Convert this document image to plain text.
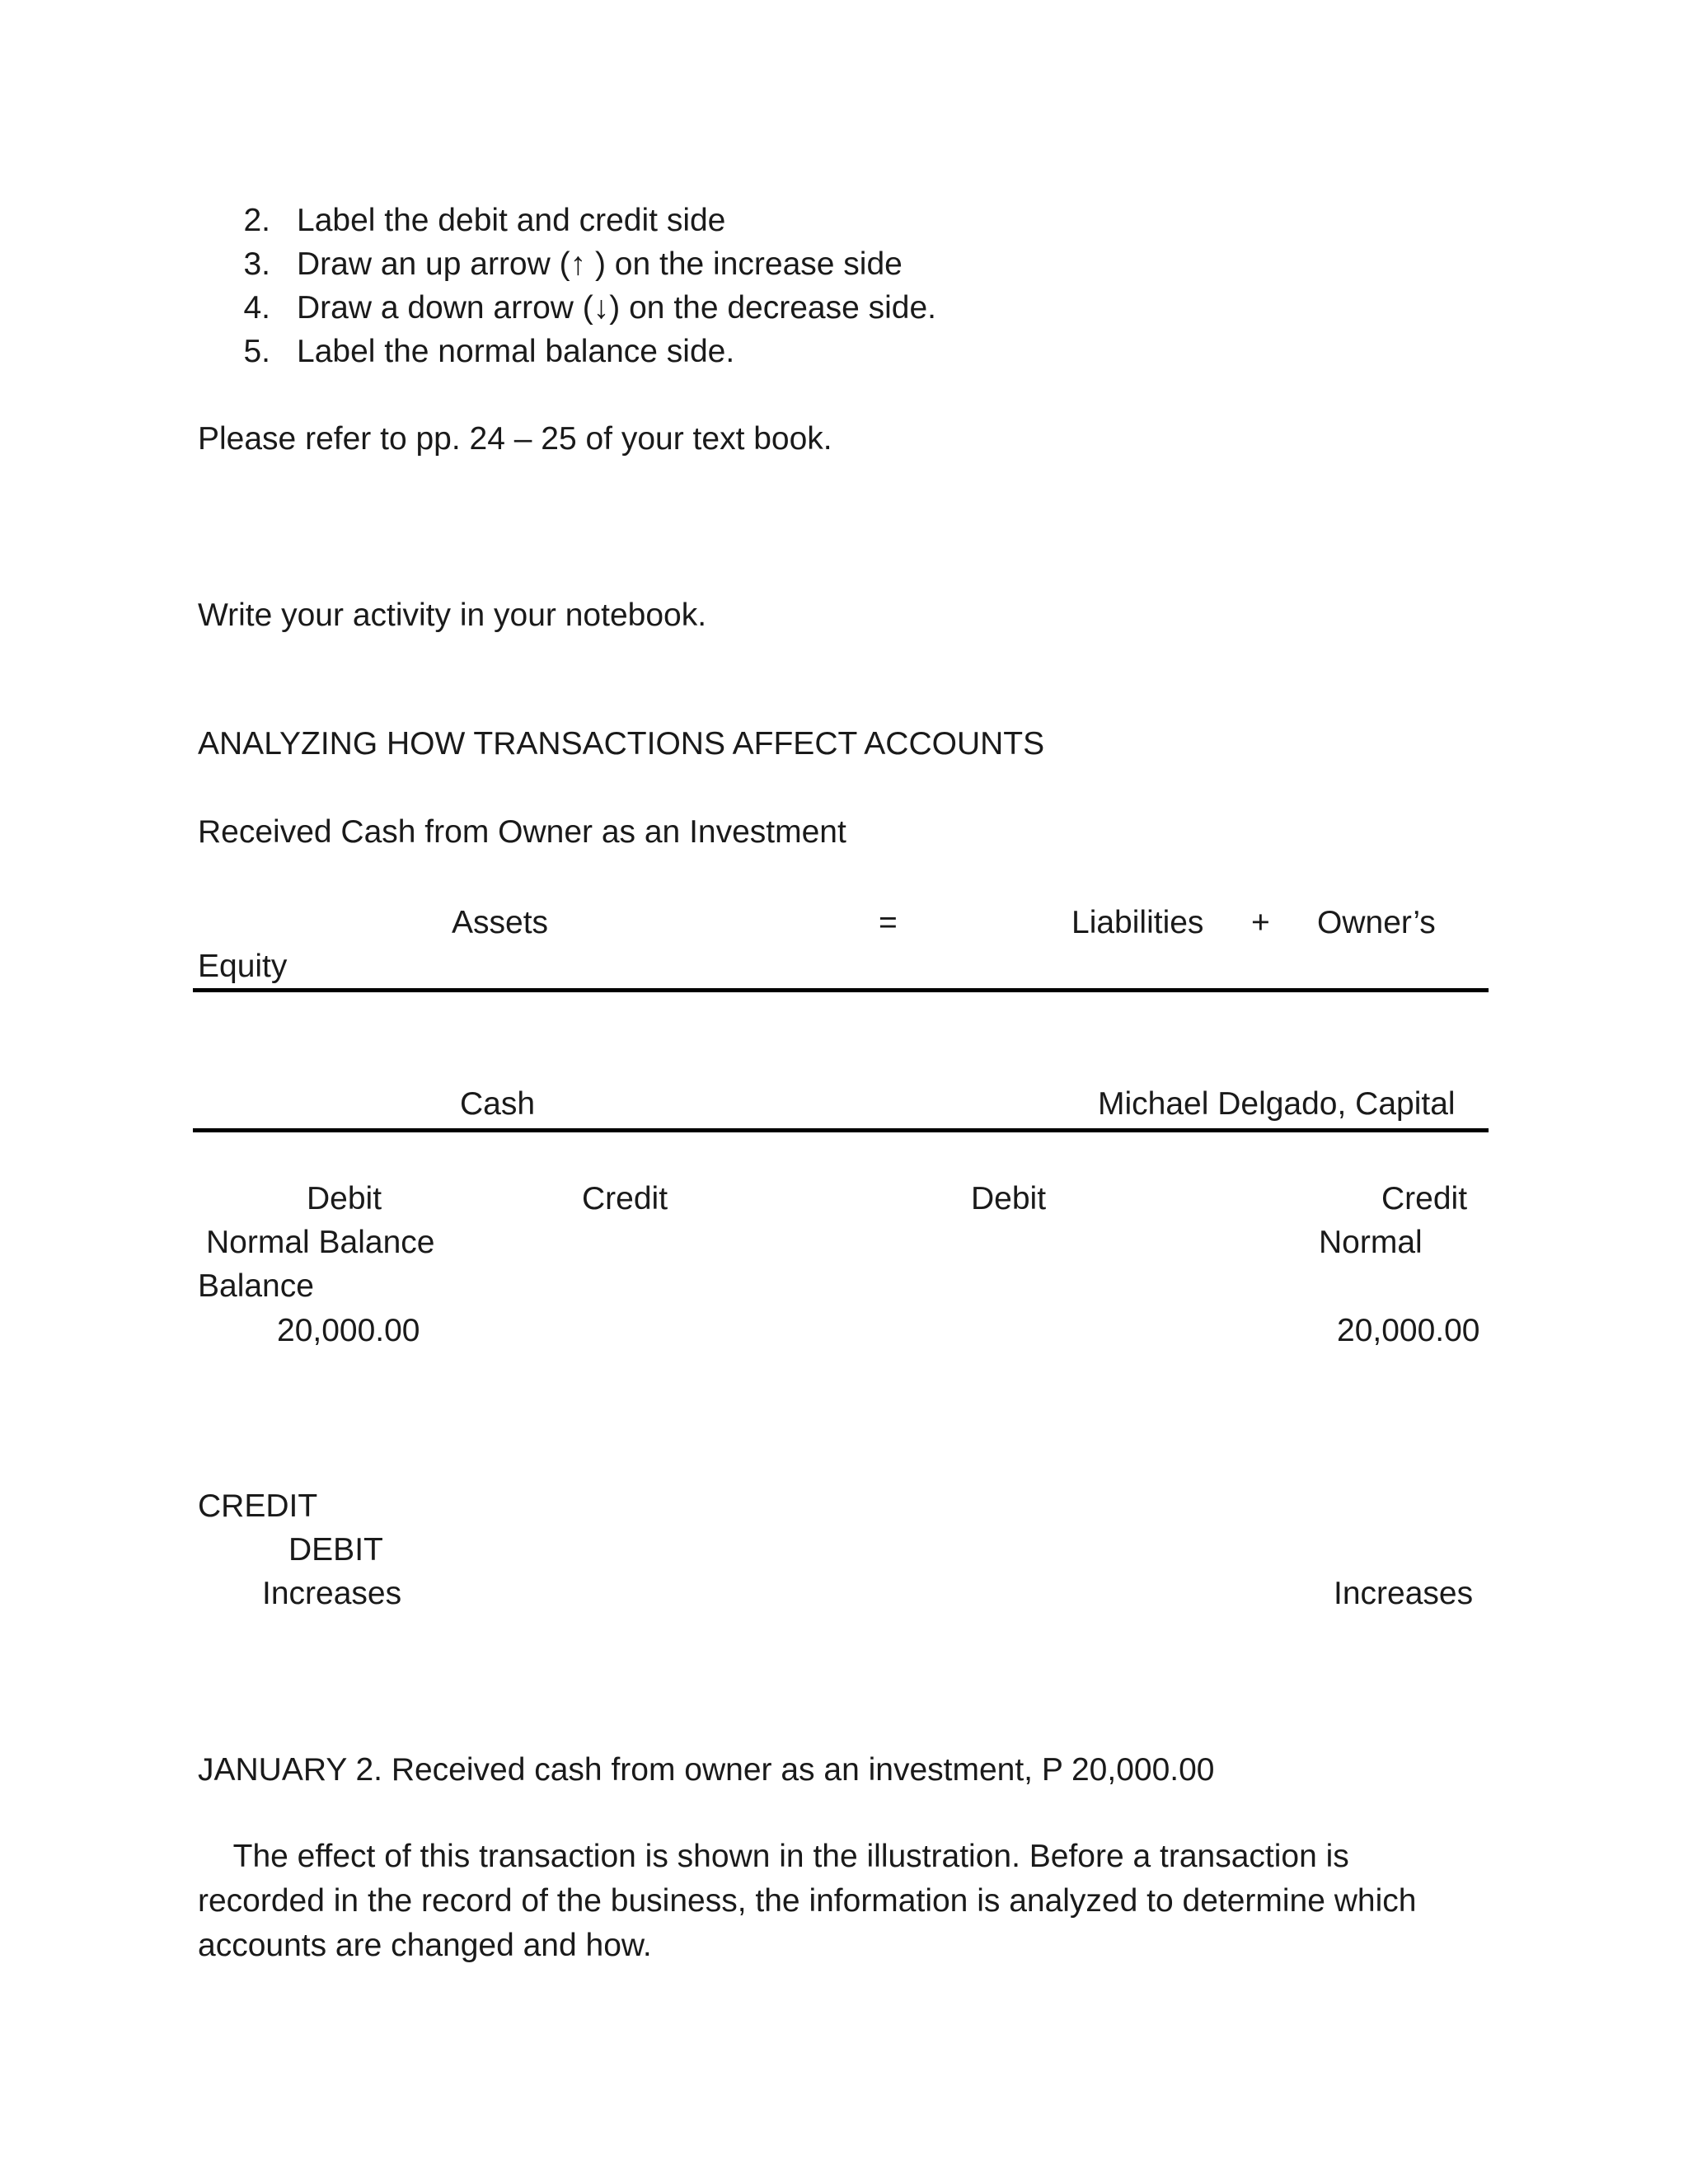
2. Label the debit and credit side
3. Draw an up arrow (↑ ) on the increase side
4. Draw a down arrow (↓) on the decrease side.
5. Label the normal balance side.
Please refer to pp. 24 – 25 of your text book.
Write your activity in your notebook.
ANALYZING HOW TRANSACTIONS AFFECT ACCOUNTS
Received Cash from Owner as an Investment
Assets	=	Liabilities + Owner’s
Equity
Cash	Michael Delgado, Capital
Debit	Credit	Debit	Credit
Normal Balance	Normal
Balance
20,000.00	20,000.00
CREDIT
DEBIT
Increases	Increases
JANUARY 2. Received cash from owner as an investment, P 20,000.00
The effect of this transaction is shown in the illustration. Before a transaction is
recorded in the record of the business, the information is analyzed to determine which
accounts are changed and how.
